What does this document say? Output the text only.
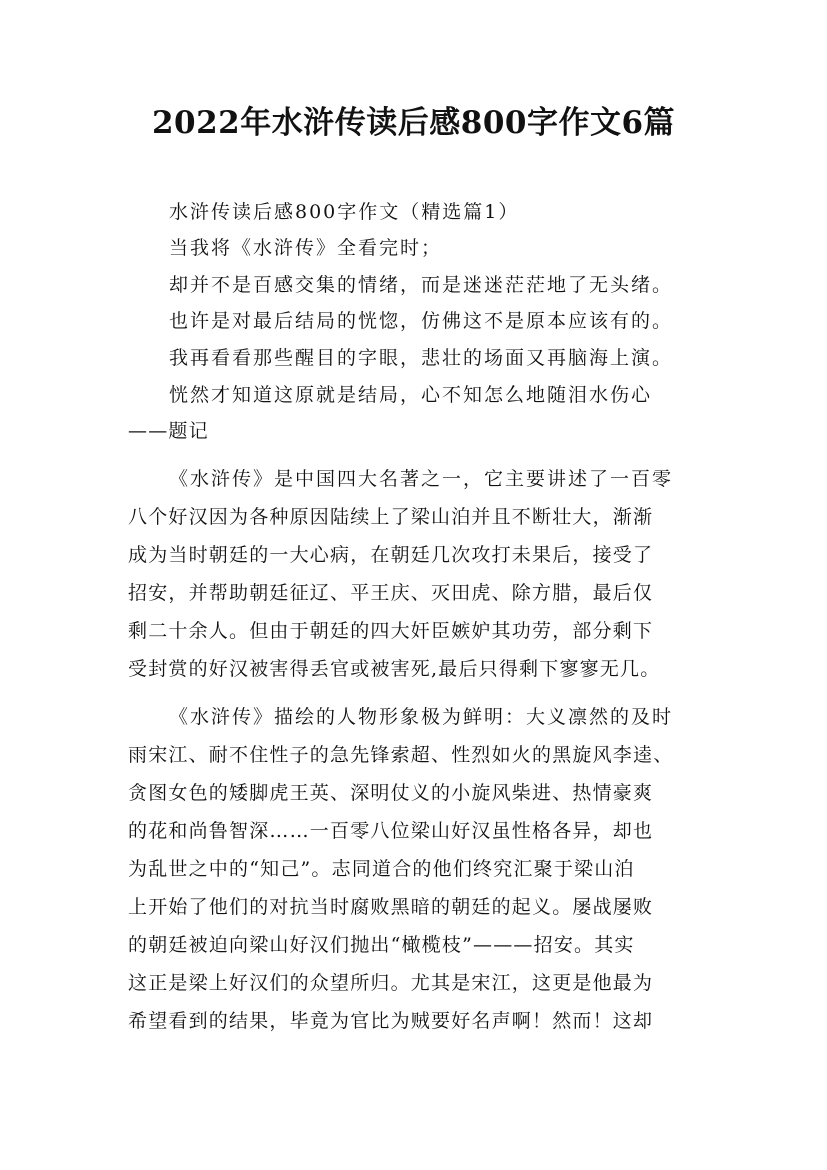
2022年水浒传读后感800字作文6篇

水浒传读后感800字作文（精选篇1）

当我将《水浒传》全看完时；

却并不是百感交集的情绪，而是迷迷茫茫地了无头绪。

也许是对最后结局的恍惚，仿佛这不是原本应该有的。

我再看看那些醒目的字眼，悲壮的场面又再脑海上演。

恍然才知道这原就是结局，心不知怎么地随泪水伤心

——题记

《水浒传》是中国四大名著之一，它主要讲述了一百零

八个好汉因为各种原因陆续上了梁山泊并且不断壮大，渐渐

成为当时朝廷的一大心病，在朝廷几次攻打未果后，接受了

招安，并帮助朝廷征辽、平王庆、灭田虎、除方腊，最后仅

剩二十余人。但由于朝廷的四大奸臣嫉妒其功劳，部分剩下

受封赏的好汉被害得丢官或被害死,最后只得剩下寥寥无几。

《水浒传》描绘的人物形象极为鲜明：大义凛然的及时

雨宋江、耐不住性子的急先锋索超、性烈如火的黑旋风李逵、

贪图女色的矮脚虎王英、深明仗义的小旋风柴进、热情豪爽

的花和尚鲁智深……一百零八位梁山好汉虽性格各异，却也

为乱世之中的“知己”。志同道合的他们终究汇聚于梁山泊

上开始了他们的对抗当时腐败黑暗的朝廷的起义。屡战屡败

的朝廷被迫向梁山好汉们抛出“橄榄枝”———招安。其实

这正是梁上好汉们的众望所归。尤其是宋江，这更是他最为

希望看到的结果，毕竟为官比为贼要好名声啊！然而！这却
